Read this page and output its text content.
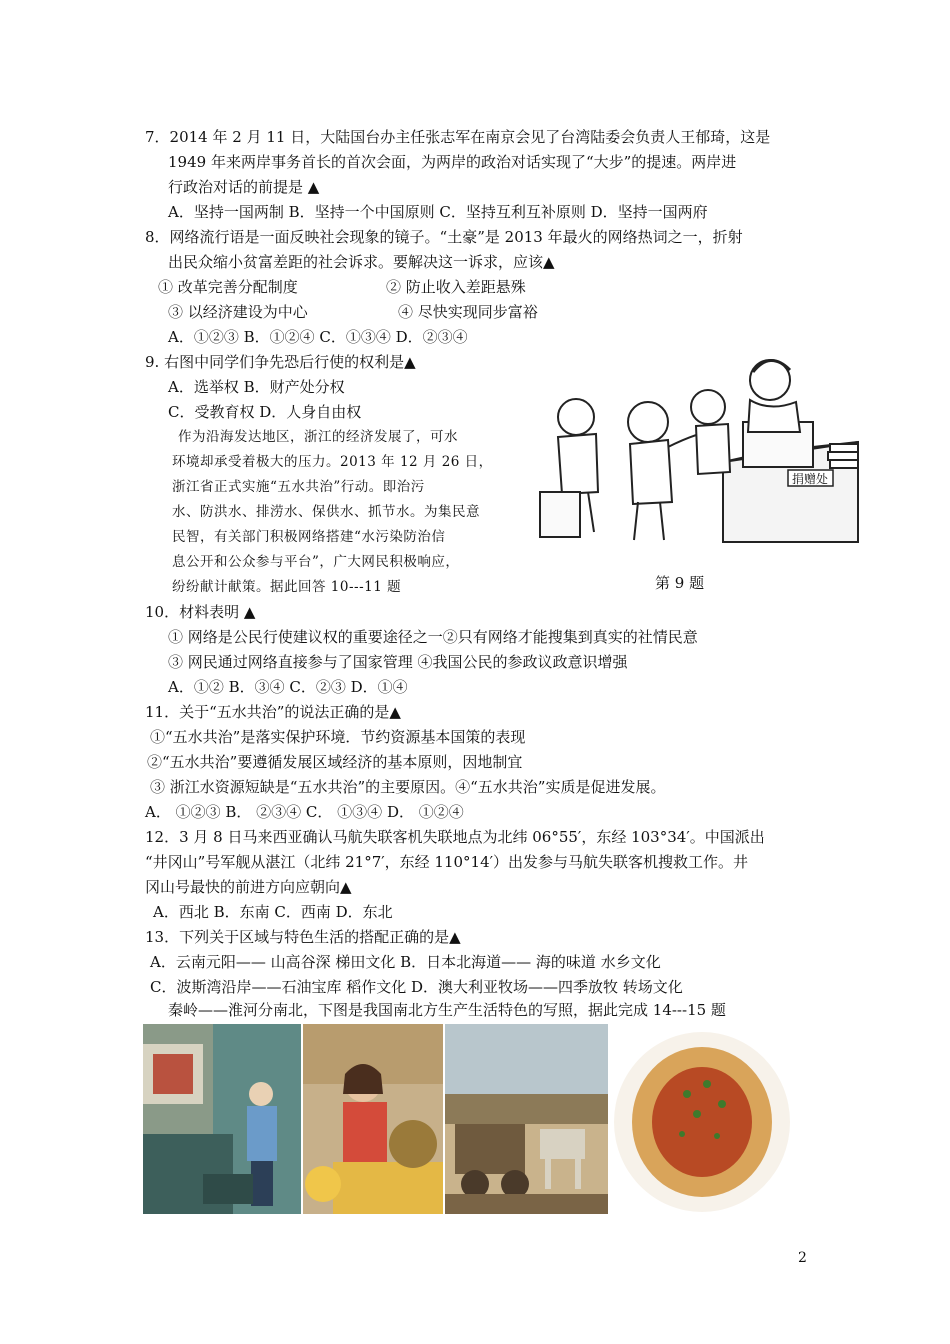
7．2014 年 2 月 11 日，大陆国台办主任张志军在南京会见了台湾陆委会负责人王郁琦，这是
1949 年来两岸事务首长的首次会面，为两岸的政治对话实现了“大步”的提速。两岸进
行政治对话的前提是 ▲
A．坚持一国两制 B．坚持一个中国原则 C．坚持互利互补原则 D．坚持一国两府
8．网络流行语是一面反映社会现象的镜子。“土豪”是 2013 年最火的网络热词之一，折射
出民众缩小贫富差距的社会诉求。要解决这一诉求，应该▲
① 改革完善分配制度	② 防止收入差距悬殊
③ 以经济建设为中心	④ 尽快实现同步富裕
A．①②③ B．①②④ C．①③④ D．②③④
9. 右图中同学们争先恐后行使的权利是▲
A．选举权 B．财产处分权
C．受教育权 D．人身自由权
作为沿海发达地区，浙江的经济发展了，可水
环境却承受着极大的压力。2013 年 12 月 26 日，
浙江省正式实施“五水共治”行动。即治污
水、防洪水、排涝水、保供水、抓节水。为集民意
民智，有关部门积极网络搭建“水污染防治信
息公开和公众参与平台”，广大网民积极响应，
纷纷献计献策。据此回答 10---11 题
捐赠处
第 9 题
10．材料表明 ▲
① 网络是公民行使建议权的重要途径之一②只有网络才能搜集到真实的社情民意
③ 网民通过网络直接参与了国家管理 ④我国公民的参政议政意识增强
A．①② B．③④ C．②③ D．①④
11．关于“五水共治”的说法正确的是▲
①“五水共治”是落实保护环境．节约资源基本国策的表现
②“五水共治”要遵循发展区域经济的基本原则，因地制宜
③ 浙江水资源短缺是“五水共治”的主要原因。④“五水共治”实质是促进发展。
A． ①②③ B． ②③④ C． ①③④ D． ①②④
12．3 月 8 日马来西亚确认马航失联客机失联地点为北纬 06°55′，东经 103°34′。中国派出
“井冈山”号军舰从湛江（北纬 21°7′，东经 110°14′）出发参与马航失联客机搜救工作。井
冈山号最快的前进方向应朝向▲
A．西北 B．东南 C．西南 D．东北
13．下列关于区域与特色生活的搭配正确的是▲
A．云南元阳—— 山高谷深 梯田文化 B．日本北海道—— 海的味道 水乡文化
C．波斯湾沿岸——石油宝库 稻作文化 D．澳大利亚牧场——四季放牧 转场文化
秦岭——淮河分南北，下图是我国南北方生产生活特色的写照，据此完成 14---15 题
2
